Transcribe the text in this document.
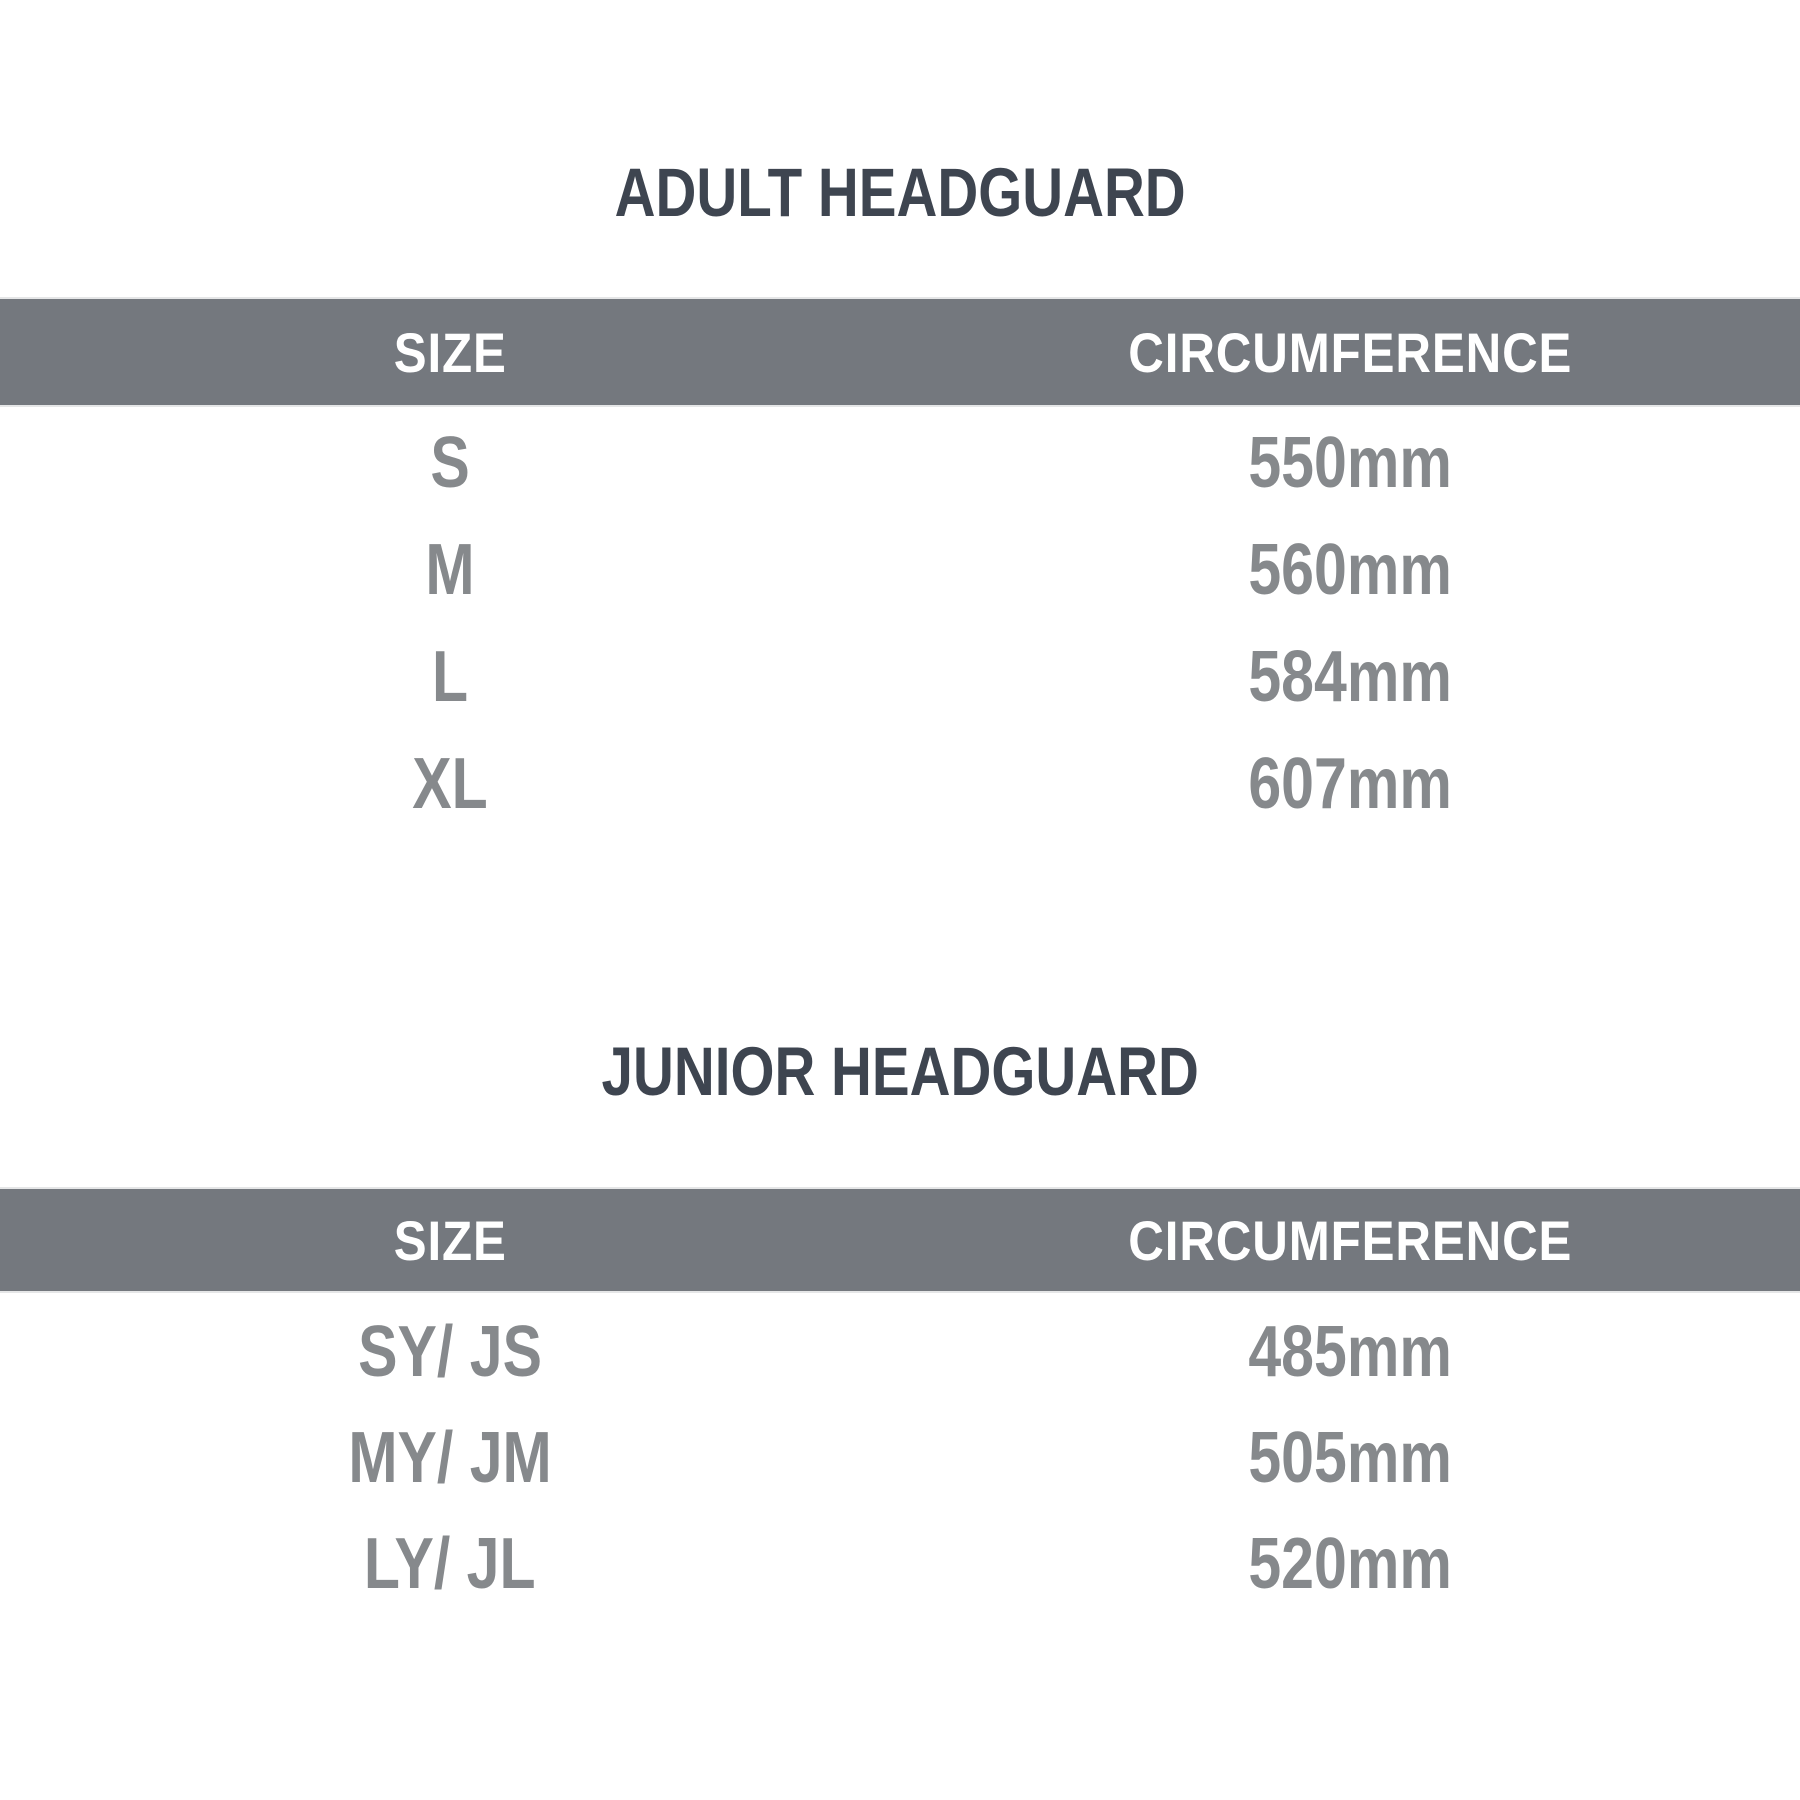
ADULT HEADGUARD
SIZE	CIRCUMFERENCE
S	550mm
M	560mm
L	584mm
XL	607mm
JUNIOR HEADGUARD
SIZE	CIRCUMFERENCE
SY/ JS	485mm
MY/ JM	505mm
LY/ JL	520mm
